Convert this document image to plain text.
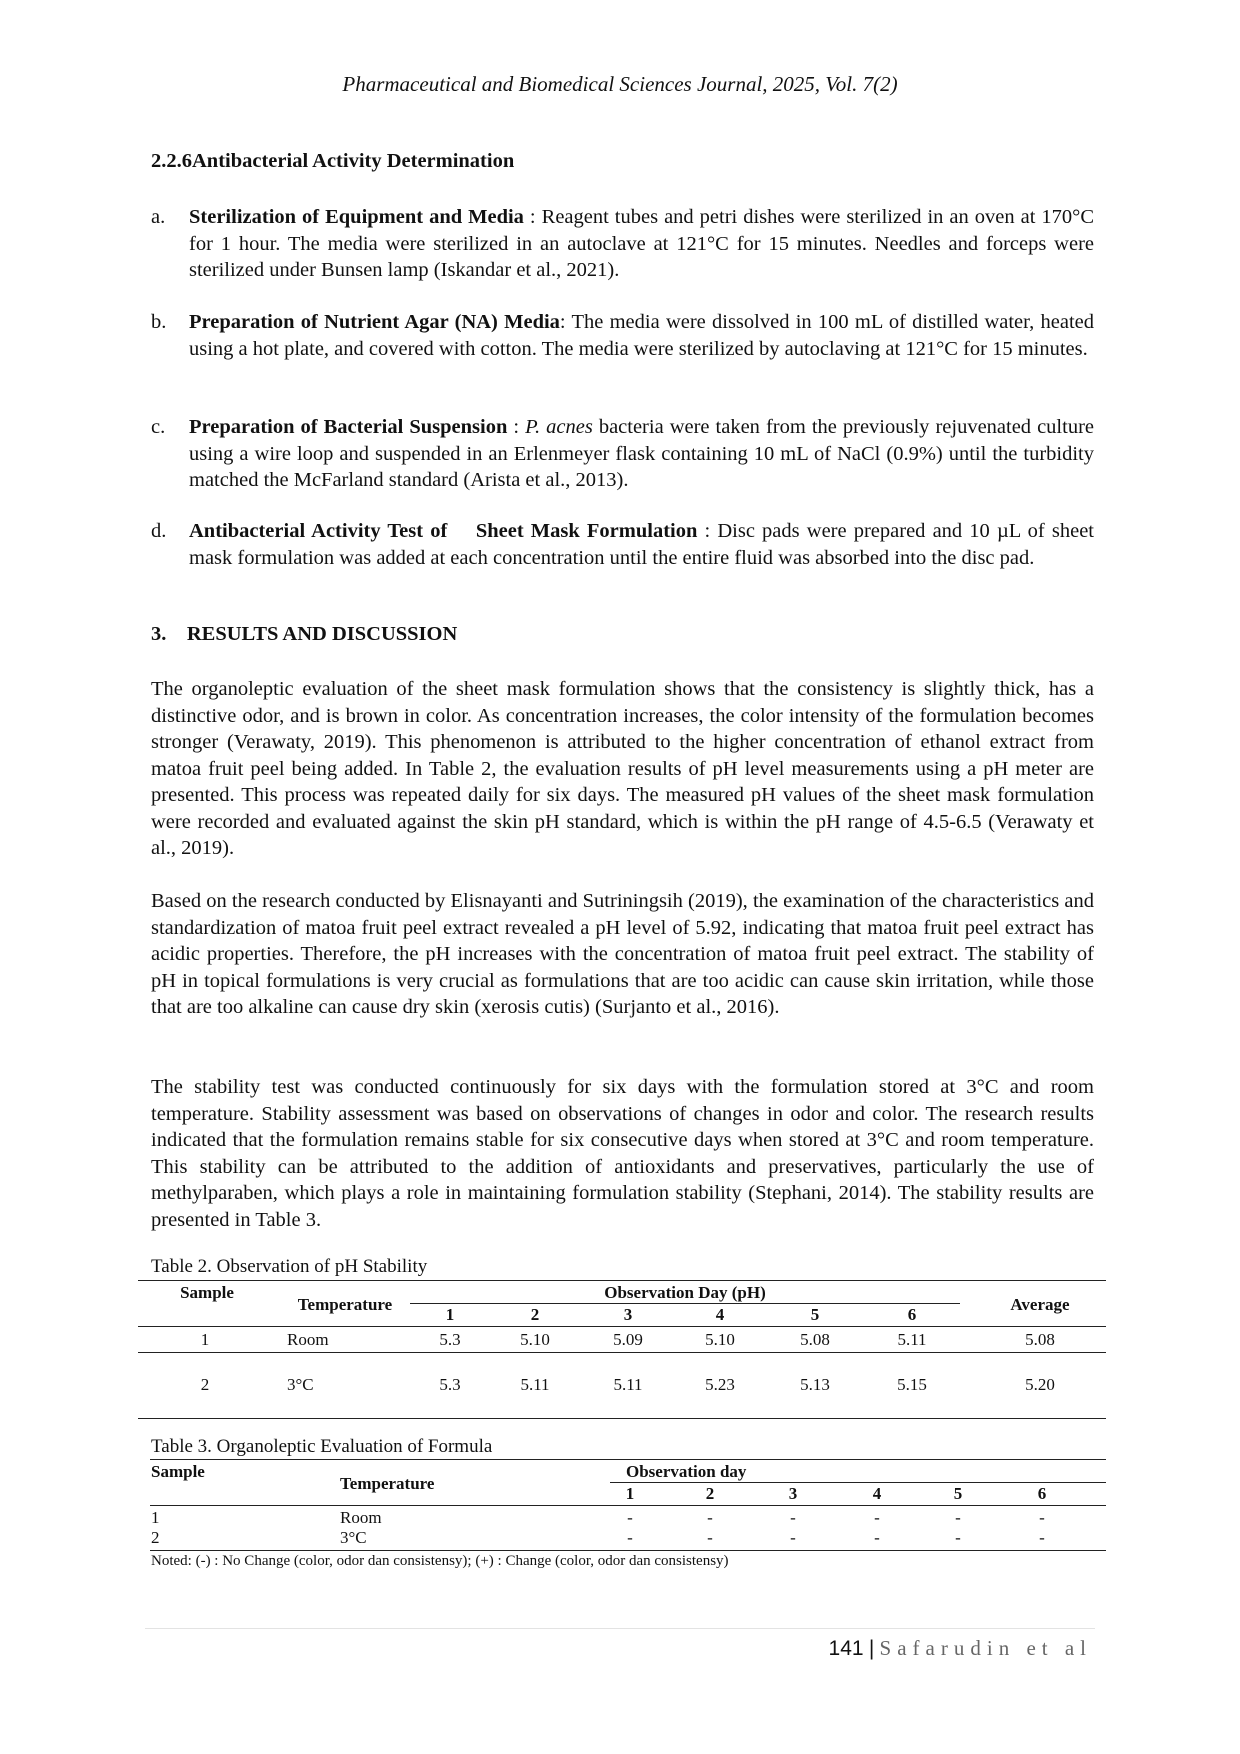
Pharmaceutical and Biomedical Sciences Journal, 2025, Vol. 7(2)
2.2.6Antibacterial Activity Determination
a. Sterilization of Equipment and Media : Reagent tubes and petri dishes were sterilized in an oven at 170°C for 1 hour. The media were sterilized in an autoclave at 121°C for 15 minutes. Needles and forceps were sterilized under Bunsen lamp (Iskandar et al., 2021).
b. Preparation of Nutrient Agar (NA) Media: The media were dissolved in 100 mL of distilled water, heated using a hot plate, and covered with cotton. The media were sterilized by autoclaving at 121°C for 15 minutes.
c. Preparation of Bacterial Suspension : P. acnes bacteria were taken from the previously rejuvenated culture using a wire loop and suspended in an Erlenmeyer flask containing 10 mL of NaCl (0.9%) until the turbidity matched the McFarland standard (Arista et al., 2013).
d. Antibacterial Activity Test of    Sheet Mask Formulation : Disc pads were prepared and 10 µL of sheet mask formulation was added at each concentration until the entire fluid was absorbed into the disc pad.
3. RESULTS AND DISCUSSION
The organoleptic evaluation of the sheet mask formulation shows that the consistency is slightly thick, has a distinctive odor, and is brown in color. As concentration increases, the color intensity of the formulation becomes stronger (Verawaty, 2019). This phenomenon is attributed to the higher concentration of ethanol extract from matoa fruit peel being added. In Table 2, the evaluation results of pH level measurements using a pH meter are presented. This process was repeated daily for six days. The measured pH values of the sheet mask formulation were recorded and evaluated against the skin pH standard, which is within the pH range of 4.5-6.5 (Verawaty et al., 2019).
Based on the research conducted by Elisnayanti and Sutriningsih (2019), the examination of the characteristics and standardization of matoa fruit peel extract revealed a pH level of 5.92, indicating that matoa fruit peel extract has acidic properties. Therefore, the pH increases with the concentration of matoa fruit peel extract. The stability of pH in topical formulations is very crucial as formulations that are too acidic can cause skin irritation, while those that are too alkaline can cause dry skin (xerosis cutis) (Surjanto et al., 2016).
The stability test was conducted continuously for six days with the formulation stored at 3°C and room temperature. Stability assessment was based on observations of changes in odor and color. The research results indicated that the formulation remains stable for six consecutive days when stored at 3°C and room temperature. This stability can be attributed to the addition of antioxidants and preservatives, particularly the use of methylparaben, which plays a role in maintaining formulation stability (Stephani, 2014). The stability results are presented in Table 3.
Table 2. Observation of pH Stability
Sample
Temperature
Observation Day (pH)
Average
1	2	3	4	5	6
1	Room	5.3	5.10	5.09	5.10	5.08	5.11	5.08
2	3°C	5.3	5.11	5.11	5.23	5.13	5.15	5.20
Table 3. Organoleptic Evaluation of Formula
Sample
Temperature
Observation day
1	2	3	4	5	6
1	Room	-	-	-	-	-	-
2	3°C	-	-	-	-	-	-
Noted: (-) : No Change (color, odor dan consistensy); (+) : Change (color, odor dan consistensy)
141 | Safarudin et al
